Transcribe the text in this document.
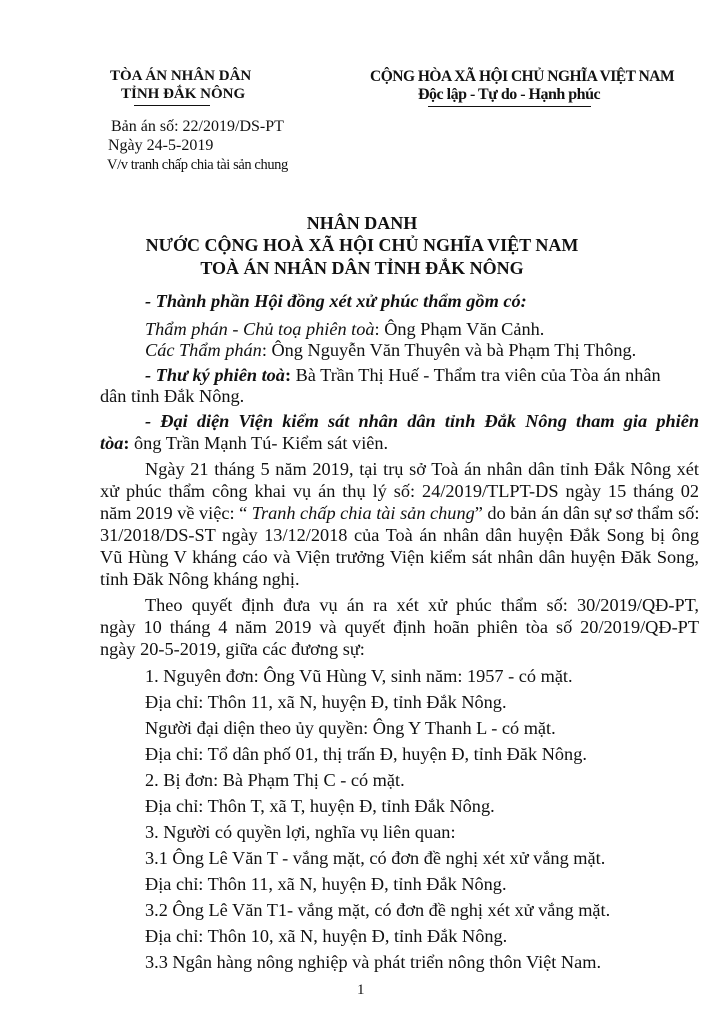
TÒA ÁN NHÂN DÂN
TỈNH ĐẮK NÔNG
CỘNG HÒA XÃ HỘI CHỦ NGHĨA VIỆT NAM
Độc lập - Tự do - Hạnh phúc
Bản án số: 22/2019/DS-PT
Ngày 24-5-2019
V/v tranh chấp chia tài sản chung
NHÂN DANH
NƯỚC CỘNG HOÀ XÃ HỘI CHỦ NGHĨA VIỆT NAM
TOÀ ÁN NHÂN DÂN TỈNH ĐẮK NÔNG
- Thành phần Hội đồng xét xử phúc thẩm gồm có:
Thẩm phán - Chủ toạ phiên toà: Ông Phạm Văn Cảnh.
Các Thẩm phán: Ông Nguyễn Văn Thuyên và bà Phạm Thị Thông.
- Thư ký phiên toà: Bà Trần Thị Huế - Thẩm tra viên của Tòa án nhân
dân tỉnh Đắk Nông.
- Đại diện Viện kiểm sát nhân dân tỉnh Đắk Nông tham gia phiên
tòa: ông Trần Mạnh Tú- Kiểm sát viên.
Ngày 21 tháng 5 năm 2019, tại trụ sở Toà án nhân dân tỉnh Đắk Nông xét
xử phúc thẩm công khai vụ án thụ lý số: 24/2019/TLPT-DS ngày 15 tháng 02
năm 2019 về việc: “ Tranh chấp chia tài sản chung ” do bản án dân sự sơ thẩm số:
31/2018/DS-ST ngày 13/12/2018 của Toà án nhân dân huyện Đắk Song bị ông
Vũ Hùng V kháng cáo và Viện trưởng Viện kiểm sát nhân dân huyện Đăk Song,
tỉnh Đăk Nông kháng nghị.
Theo quyết định đưa vụ án ra xét xử phúc thẩm số: 30/2019/QĐ-PT,
ngày 10 tháng 4 năm 2019 và quyết định hoãn phiên tòa số 20/2019/QĐ-PT
ngày 20-5-2019, giữa các đương sự:
1. Nguyên đơn: Ông Vũ Hùng V, sinh năm: 1957 - có mặt.
Địa chỉ: Thôn 11, xã N, huyện Đ, tỉnh Đắk Nông.
Người đại diện theo ủy quyền: Ông Y Thanh L - có mặt.
Địa chỉ: Tổ dân phố 01, thị trấn Đ, huyện Đ, tỉnh Đăk Nông.
2. Bị đơn: Bà Phạm Thị C - có mặt.
Địa chỉ: Thôn T, xã T, huyện Đ, tỉnh Đắk Nông.
3. Người có quyền lợi, nghĩa vụ liên quan:
3.1 Ông Lê Văn T - vắng mặt, có đơn đề nghị xét xử vắng mặt.
Địa chỉ: Thôn 11, xã N, huyện Đ, tỉnh Đắk Nông.
3.2 Ông Lê Văn T1- vắng mặt, có đơn đề nghị xét xử vắng mặt.
Địa chỉ: Thôn 10, xã N, huyện Đ, tỉnh Đắk Nông.
3.3 Ngân hàng nông nghiệp và phát triển nông thôn Việt Nam.
1
